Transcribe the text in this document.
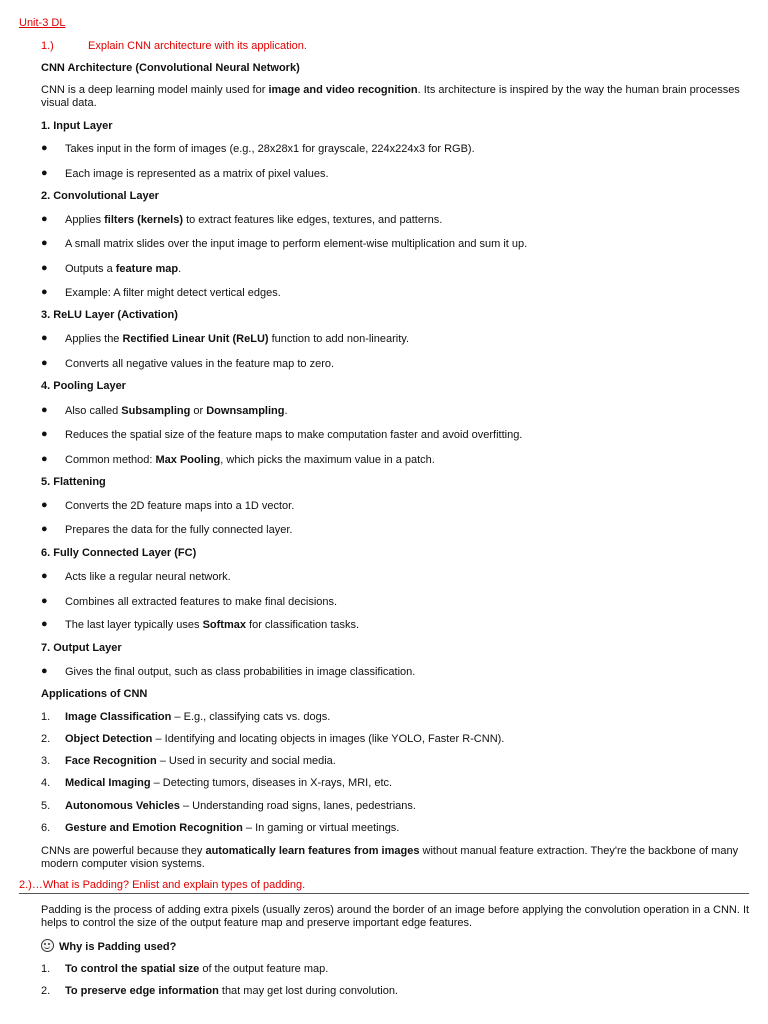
Unit-3 DL
1.)	Explain CNN architecture with its application.
CNN Architecture (Convolutional Neural Network)
CNN is a deep learning model mainly used for image and video recognition. Its architecture is inspired by the way the human brain processes visual data.
1. Input Layer
● Takes input in the form of images (e.g., 28x28x1 for grayscale, 224x224x3 for RGB).
● Each image is represented as a matrix of pixel values.
2. Convolutional Layer
● Applies filters (kernels) to extract features like edges, textures, and patterns.
● A small matrix slides over the input image to perform element-wise multiplication and sum it up.
● Outputs a feature map.
● Example: A filter might detect vertical edges.
3. ReLU Layer (Activation)
● Applies the Rectified Linear Unit (ReLU) function to add non-linearity.
● Converts all negative values in the feature map to zero.
4. Pooling Layer
● Also called Subsampling or Downsampling.
● Reduces the spatial size of the feature maps to make computation faster and avoid overfitting.
● Common method: Max Pooling, which picks the maximum value in a patch.
5. Flattening
● Converts the 2D feature maps into a 1D vector.
● Prepares the data for the fully connected layer.
6. Fully Connected Layer (FC)
● Acts like a regular neural network.
● Combines all extracted features to make final decisions.
● The last layer typically uses Softmax for classification tasks.
7. Output Layer
● Gives the final output, such as class probabilities in image classification.
Applications of CNN
1. Image Classification – E.g., classifying cats vs. dogs.
2. Object Detection – Identifying and locating objects in images (like YOLO, Faster R-CNN).
3. Face Recognition – Used in security and social media.
4. Medical Imaging – Detecting tumors, diseases in X-rays, MRI, etc.
5. Autonomous Vehicles – Understanding road signs, lanes, pedestrians.
6. Gesture and Emotion Recognition – In gaming or virtual meetings.
CNNs are powerful because they automatically learn features from images without manual feature extraction. They're the backbone of many modern computer vision systems.
2.)…What is Padding? Enlist and explain types of padding.
Padding is the process of adding extra pixels (usually zeros) around the border of an image before applying the convolution operation in a CNN. It helps to control the size of the output feature map and preserve important edge features.
Why is Padding used?
1. To control the spatial size of the output feature map.
2. To preserve edge information that may get lost during convolution.
